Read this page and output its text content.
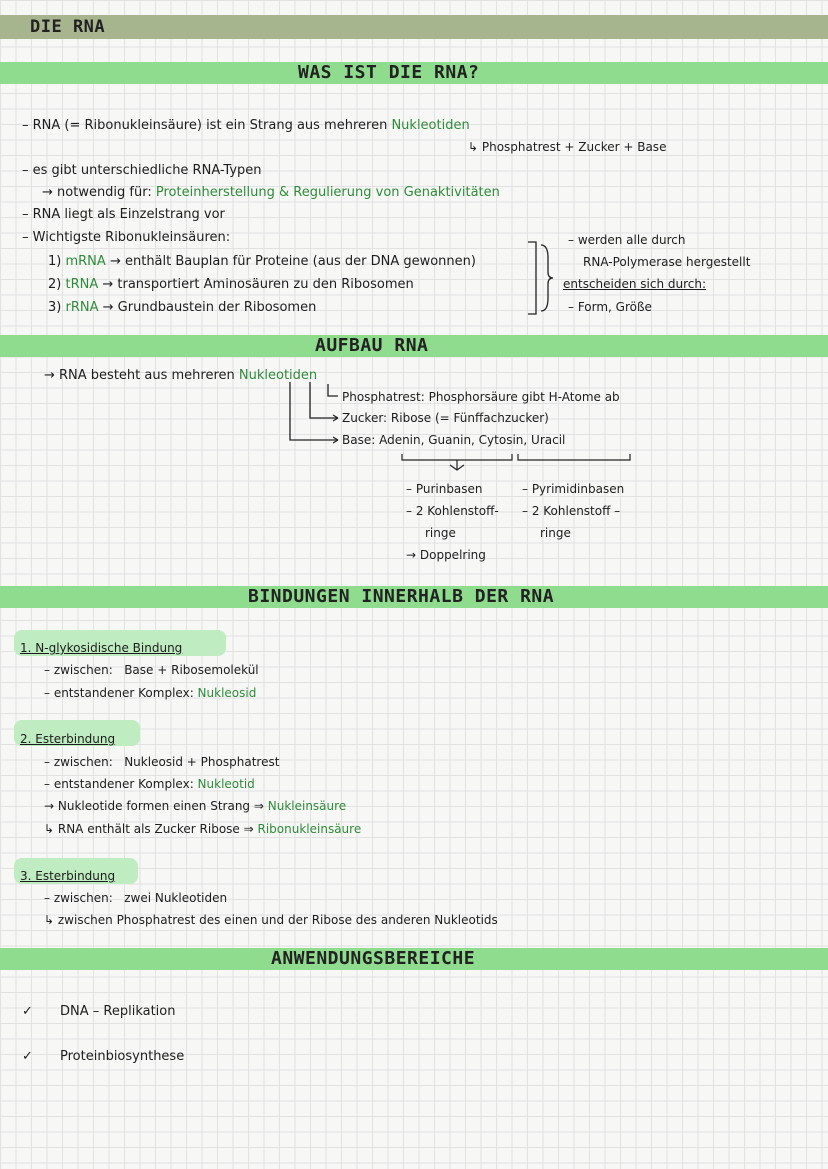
DIE RNA
WAS IST DIE RNA?
– RNA (= Ribonukleinsäure) ist ein Strang aus mehreren Nukleotiden
↳ Phosphatrest + Zucker + Base
– es gibt unterschiedliche RNA-Typen
→ notwendig für: Proteinherstellung & Regulierung von Genaktivitäten
– RNA liegt als Einzelstrang vor
– Wichtigste Ribonukleinsäuren:
1) mRNA → enthält Bauplan für Proteine (aus der DNA gewonnen)
2) tRNA → transportiert Aminosäuren zu den Ribosomen
3) rRNA → Grundbaustein der Ribosomen
– werden alle durch
RNA-Polymerase hergestellt
entscheiden sich durch:
– Form, Größe
AUFBAU RNA
→ RNA besteht aus mehreren Nukleotiden
Phosphatrest: Phosphorsäure gibt H-Atome ab
Zucker: Ribose (= Fünffachzucker)
Base: Adenin, Guanin, Cytosin, Uracil
– Purinbasen
– 2 Kohlenstoff-
ringe
→ Doppelring
– Pyrimidinbasen
– 2 Kohlenstoff –
ringe
BINDUNGEN INNERHALB DER RNA
1. N-glykosidische Bindung
– zwischen: Base + Ribosemolekül
– entstandener Komplex: Nukleosid
2. Esterbindung
– zwischen: Nukleosid + Phosphatrest
– entstandener Komplex: Nukleotid
→ Nukleotide formen einen Strang ⇒ Nukleinsäure
↳ RNA enthält als Zucker Ribose ⇒ Ribonukleinsäure
3. Esterbindung
– zwischen: zwei Nukleotiden
↳ zwischen Phosphatrest des einen und der Ribose des anderen Nukleotids
ANWENDUNGSBEREICHE
✓ DNA – Replikation
✓ Proteinbiosynthese
